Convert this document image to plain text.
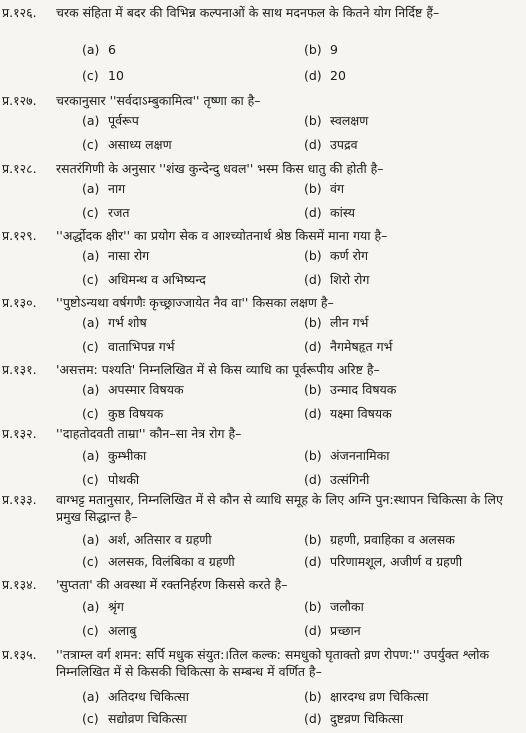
प्र.१२६. चरक संहिता में बदर की विभिन्न कल्पनाओं के साथ मदनफल के कितने योग निर्दिष्ट हैं–
(a) 6	(b) 9
(c) 10	(d) 20
प्र.१२७. चरकानुसार ''सर्वदाऽम्बुकामित्व'' तृष्णा का है–
(a) पूर्वरूप	(b) स्वलक्षण
(c) असाध्य लक्षण	(d) उपद्रव
प्र.१२८. रसतरंगिणी के अनुसार ''शंख कुन्देन्दु धवल'' भस्म किस धातु की होती है–
(a) नाग	(b) वंग
(c) रजत	(d) कांस्य
प्र.१२९. ''अर्द्धोदक क्षीर'' का प्रयोग सेक व आश्च्योतनार्थ श्रेष्ठ किसमें माना गया है–
(a) नासा रोग	(b) कर्ण रोग
(c) अधिमन्थ व अभिष्यन्द	(d) शिरो रोग
प्र.१३०. ''पुष्टोऽन्यथा वर्षगणैः कृच्छ्राज्जायेत नैव वा'' किसका लक्षण है–
(a) गर्भ शोष	(b) लीन गर्भ
(c) वाताभिपन्न गर्भ	(d) नैगमेषहृत गर्भ
प्र.१३१. 'असत्तम: पश्यति' निम्नलिखित में से किस व्याधि का पूर्वरूपीय अरिष्ट है–
(a) अपस्मार विषयक	(b) उन्माद विषयक
(c) कुष्ठ विषयक	(d) यक्ष्मा विषयक
प्र.१३२. ''दाहतोदवती ताम्रा'' कौन–सा नेत्र रोग है–
(a) कुम्भीका	(b) अंजननामिका
(c) पोथकी	(d) उत्संगिनी
प्र.१३३. वाग्भट्ट मतानुसार, निम्नलिखित में से कौन से व्याधि समूह के लिए अग्नि पुन:स्थापन चिकित्सा के लिए प्रमुख सिद्धान्त है–
(a) अर्श, अतिसार व ग्रहणी	(b) ग्रहणी, प्रवाहिका व अलसक
(c) अलसक, विलंबिका व ग्रहणी	(d) परिणामशूल, अजीर्ण व ग्रहणी
प्र.१३४. 'सुप्तता' की अवस्था में रक्तनिर्हरण किससे करते है–
(a) श्रृंग	(b) जलौका
(c) अलाबु	(d) प्रच्छान
प्र.१३५. ''तत्राम्ल वर्ग शमन: सर्पि मधुक संयुत:।तिल कल्क: समधुको घृताक्तो व्रण रोपण:'' उपर्युक्त श्लोक निम्नलिखित में से किसकी चिकित्सा के सम्बन्ध में वर्णित है–
(a) अतिदग्ध चिकित्सा	(b) क्षारदग्ध व्रण चिकित्सा
(c) सद्योव्रण चिकित्सा	(d) दुष्टव्रण चिकित्सा
